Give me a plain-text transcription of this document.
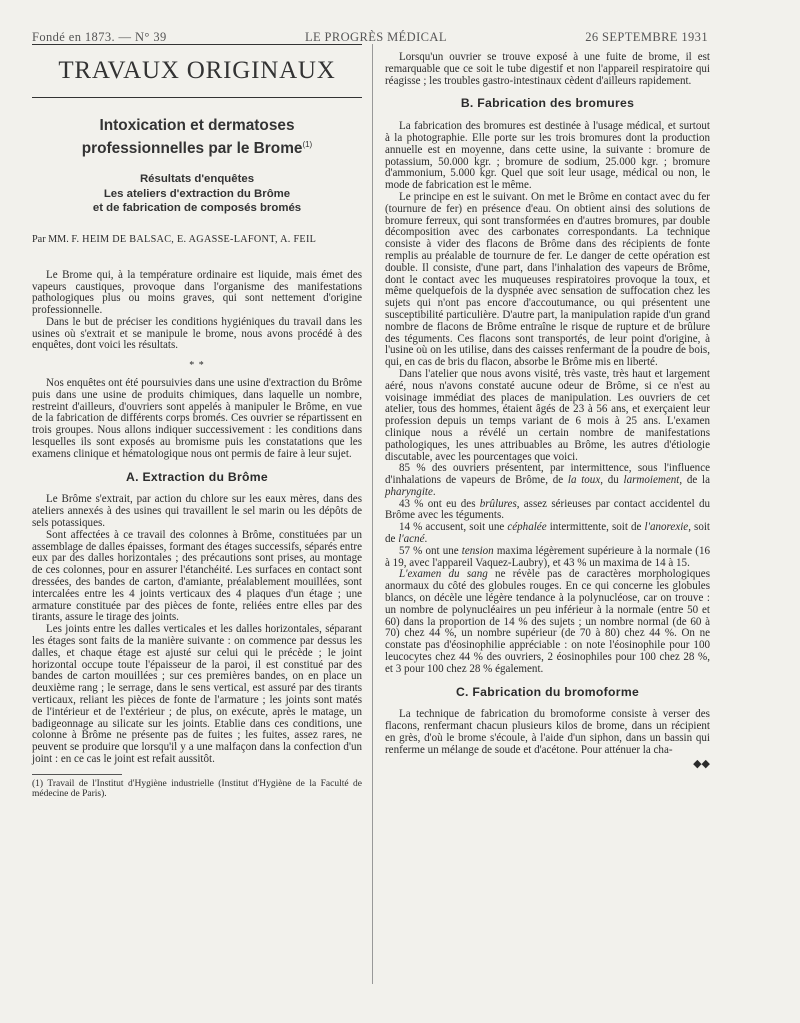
Fondé en 1873. — N° 39	LE PROGRÈS MÉDICAL	26 SEPTEMBRE 1931
TRAVAUX ORIGINAUX
Intoxication et dermatoses
professionnelles par le Brome$^{(1)}$
Résultats d'enquêtes
Les ateliers d'extraction du Brôme
et de fabrication de composés bromés
Par MM. F. HEIM DE BALSAC, E. AGASSE-LAFONT, A. FEIL

Le Brome qui, à la température ordinaire est liquide, mais émet des vapeurs caustiques, provoque dans l'organisme des manifestations pathologiques plus ou moins graves, qui sont nettement d'origine professionnelle.

Dans le but de préciser les conditions hygiéniques du travail dans les usines où s'extrait et se manipule le brome, nous avons procédé à des enquêtes, dont voici les résultats.

* *

Nos enquêtes ont été poursuivies dans une usine d'extraction du Brôme puis dans une usine de produits chimiques, dans laquelle un nombre, restreint d'ailleurs, d'ouvriers sont appelés à manipuler le Brôme, en vue de la fabrication de différents corps bromés. Ces ouvrier se répartissent en trois groupes. Nous allons indiquer successivement : les conditions dans lesquelles ils sont exposés au bromisme puis les constatations que les examens clinique et hématologique nous ont permis de faire à leur sujet.

A. Extraction du Brôme

Le Brôme s'extrait, par action du chlore sur les eaux mères, dans des ateliers annexés à des usines qui travaillent le sel marin ou les dépôts de sels potassiques.

Sont affectées à ce travail des colonnes à Brôme, constituées par un assemblage de dalles épaisses, formant des étages successifs, séparés entre eux par des dalles horizontales ; des précautions sont prises, au montage de ces colonnes, pour en assurer l'étanchéité. Les surfaces en contact sont dressées, des bandes de carton, d'amiante, préalablement mouillées, sont intercalées entre les 4 joints verticaux des 4 plaques d'un étage ; une armature constituée par des pièces de fonte, reliées entre elles par des tirants, assure le tirage des joints.

Les joints entre les dalles verticales et les dalles horizontales, séparant les étages sont faits de la manière suivante : on commence par dessus les dalles, et chaque étage est ajusté sur celui qui le précède ; le joint horizontal occupe toute l'épaisseur de la paroi, il est constitué par des bandes de carton mouillées ; sur ces premières bandes, on en place un deuxième rang ; le serrage, dans le sens vertical, est assuré par des tirants verticaux, reliant les pièces de fonte de l'armature ; les joints sont matés de l'intérieur et de l'extérieur ; de plus, on exécute, après le matage, un badigeonnage au silicate sur les joints. Etablie dans ces conditions, une colonne à Brôme ne présente pas de fuites ; les fuites, assez rares, ne peuvent se produire que lorsqu'il y a une malfaçon dans la confection d'un joint : en ce cas le joint est refait aussitôt.

(1) Travail de l'Institut d'Hygiène industrielle (Institut d'Hygiène de la Faculté de médecine de Paris).

Lorsqu'un ouvrier se trouve exposé à une fuite de brome, il est remarquable que ce soit le tube digestif et non l'appareil respiratoire qui réagisse ; les troubles gastro-intestinaux cèdent d'ailleurs rapidement.

B. Fabrication des bromures

La fabrication des bromures est destinée à l'usage médical, et surtout à la photographie. Elle porte sur les trois bromures dont la production annuelle est en moyenne, dans cette usine, la suivante : bromure de potassium, 50.000 kgr. ; bromure de sodium, 25.000 kgr. ; bromure d'ammonium, 5.000 kgr. Quel que soit leur usage, médical ou non, le mode de fabrication est le même.

Le principe en est le suivant. On met le Brôme en contact avec du fer (tournure de fer) en présence d'eau. On obtient ainsi des solutions de bromure ferreux, qui sont transformées en d'autres bromures, par double décomposition avec des carbonates correspondants. La technique consiste à vider des flacons de Brôme dans des récipients de fonte remplis au préalable de tournure de fer. Le danger de cette opération est double. Il consiste, d'une part, dans l'inhalation des vapeurs de Brôme, dont le contact avec les muqueuses respiratoires provoque la toux, et même quelquefois de la dyspnée avec sensation de suffocation chez les sujets qui n'ont pas encore d'accoutumance, ou qui présentent une susceptibilité particulière. D'autre part, la manipulation rapide d'un grand nombre de flacons de Brôme entraîne le risque de rupture et de brûlure des téguments. Ces flacons sont transportés, de leur point d'origine, à l'usine où on les utilise, dans des caisses renfermant de la poudre de bois, qui, en cas de bris du flacon, absorbe le Brôme mis en liberté.

Dans l'atelier que nous avons visité, très vaste, très haut et largement aéré, nous n'avons constaté aucune odeur de Brôme, si ce n'est au voisinage immédiat des places de manipulation. Les ouvriers de cet atelier, tous des hommes, étaient âgés de 23 à 56 ans, et exerçaient leur profession depuis un temps variant de 6 mois à 25 ans. L'examen clinique nous a révélé un certain nombre de manifestations pathologiques, les unes attribuables au Brôme, les autres d'étiologie discutable, avec les pourcentages que voici.

85 % des ouvriers présentent, par intermittence, sous l'influence d'inhalations de vapeurs de Brôme, de la toux, du larmoiement, de la pharyngite.

43 % ont eu des brûlures, assez sérieuses par contact accidentel du Brôme avec les téguments.

14 % accusent, soit une céphalée intermittente, soit de l'anorexie, soit de l'acné.

57 % ont une tension maxima légèrement supérieure à la normale (16 à 19, avec l'appareil Vaquez-Laubry), et 43 % un maxima de 14 à 15.

L'examen du sang ne révèle pas de caractères morphologiques anormaux du côté des globules rouges. En ce qui concerne les globules blancs, on décèle une légère tendance à la polynucléose, car on trouve : un nombre de polynucléaires un peu inférieur à la normale (entre 50 et 60) dans la proportion de 14 % des sujets ; un nombre normal (de 60 à 70) chez 44 %, un nombre supérieur (de 70 à 80) chez 44 %. On ne constate pas d'éosinophilie appréciable : on note l'éosinophile pour 100 leucocytes chez 44 % des ouvriers, 2 éosinophiles pour 100 chez 28 %, et 3 pour 100 chez 28 % également.

C. Fabrication du bromoforme

La technique de fabrication du bromoforme consiste à verser des flacons, renfermant chacun plusieurs kilos de brome, dans un récipient en grès, d'où le brome s'écoule, à l'aide d'un siphon, dans un bassin qui renferme un mélange de soude et d'acétone. Pour atténuer la cha-

◆◆
